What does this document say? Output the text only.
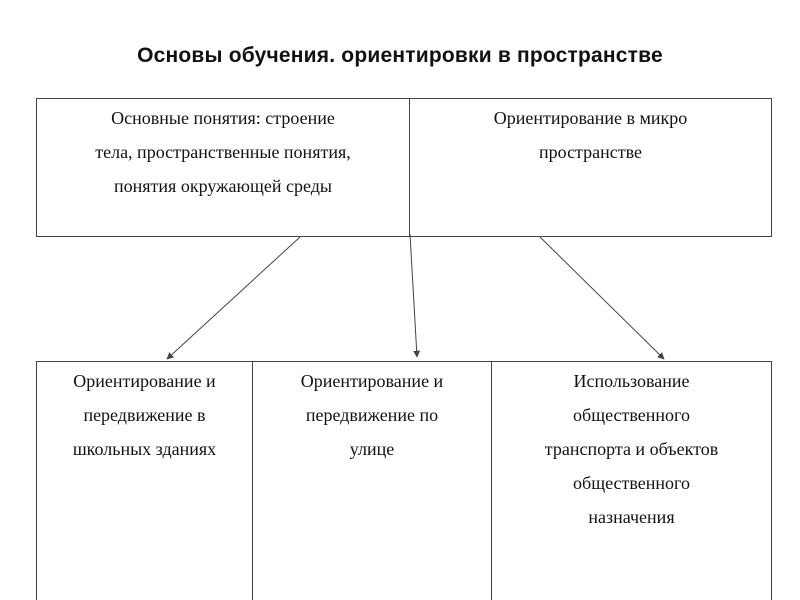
Основы обучения. ориентировки в пространстве
Основные понятия: строение
тела, пространственные понятия,
понятия окружающей среды
Ориентирование в микро
пространстве
Ориентирование и
передвижение в
школьных зданиях
Ориентирование и
передвижение по
улице
Использование
общественного
транспорта и объектов
общественного
назначения
